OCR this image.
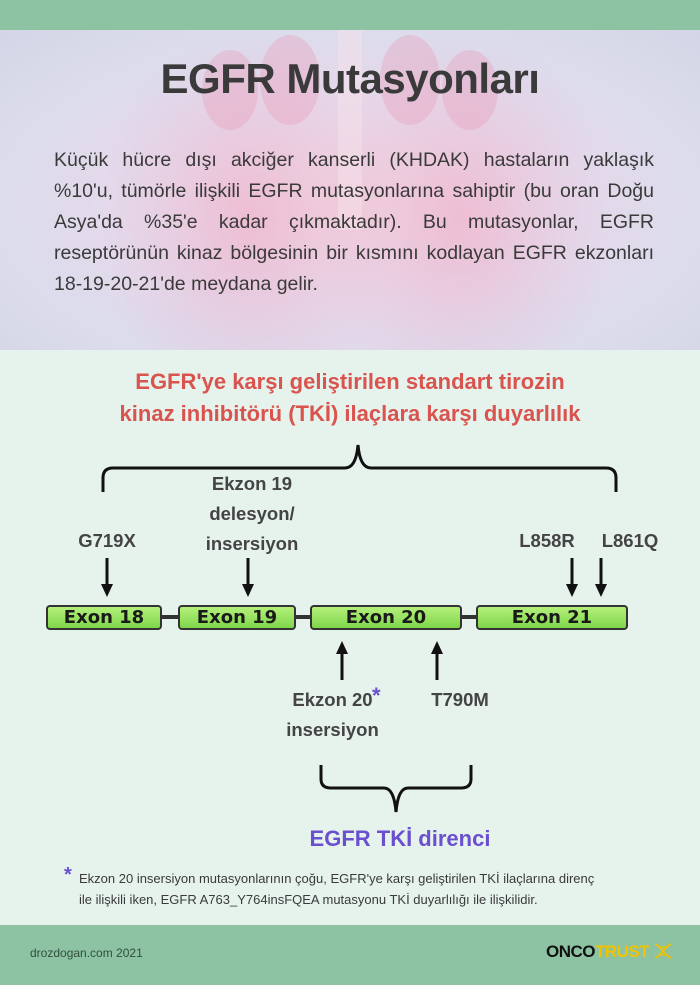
EGFR Mutasyonları
Küçük hücre dışı akciğer kanserli (KHDAK) hastaların yaklaşık %10'u, tümörle ilişkili EGFR mutasyonlarına sahiptir (bu oran Doğu Asya'da %35'e kadar çıkmaktadır). Bu mutasyonlar, EGFR reseptörünün kinaz bölgesinin bir kısmını kodlayan EGFR ekzonları 18-19-20-21'de meydana gelir.
EGFR'ye karşı geliştirilen standart tirozin
kinaz inhibitörü (TKİ) ilaçlara karşı duyarlılık
G719X
Ekzon 19
delesyon/
insersiyon	L858R	L861Q
Exon 18	Exon 19	Exon 20	Exon 21
Ekzon 20
insersiyon
*	T790M
EGFR TKİ direnci
* Ekzon 20 insersiyon mutasyonlarının çoğu, EGFR'ye karşı geliştirilen TKİ ilaçlarına direnç
ile ilişkili iken, EGFR A763_Y764insFQEA mutasyonu TKİ duyarlılığı ile ilişkilidir.
drozdogan.com 2021	ONCOTRUST
